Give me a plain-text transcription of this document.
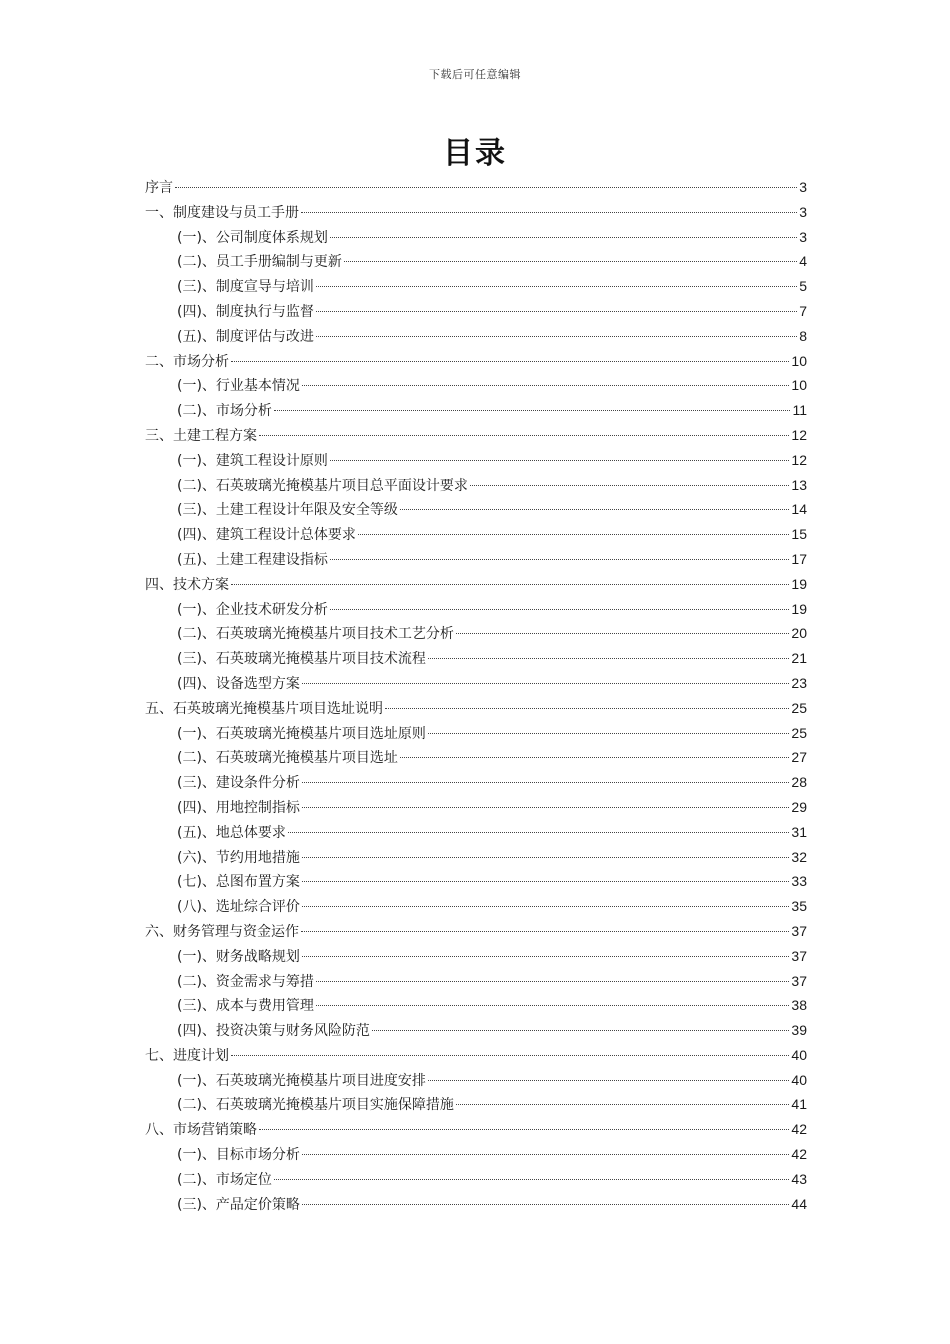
下载后可任意编辑
目录
序言	3
一、制度建设与员工手册	3
(一)、公司制度体系规划	3
(二)、员工手册编制与更新	4
(三)、制度宣导与培训	5
(四)、制度执行与监督	7
(五)、制度评估与改进	8
二、市场分析	10
(一)、行业基本情况	10
(二)、市场分析	11
三、土建工程方案	12
(一)、建筑工程设计原则	12
(二)、石英玻璃光掩模基片项目总平面设计要求	13
(三)、土建工程设计年限及安全等级	14
(四)、建筑工程设计总体要求	15
(五)、土建工程建设指标	17
四、技术方案	19
(一)、企业技术研发分析	19
(二)、石英玻璃光掩模基片项目技术工艺分析	20
(三)、石英玻璃光掩模基片项目技术流程	21
(四)、设备选型方案	23
五、石英玻璃光掩模基片项目选址说明	25
(一)、石英玻璃光掩模基片项目选址原则	25
(二)、石英玻璃光掩模基片项目选址	27
(三)、建设条件分析	28
(四)、用地控制指标	29
(五)、地总体要求	31
(六)、节约用地措施	32
(七)、总图布置方案	33
(八)、选址综合评价	35
六、财务管理与资金运作	37
(一)、财务战略规划	37
(二)、资金需求与筹措	37
(三)、成本与费用管理	38
(四)、投资决策与财务风险防范	39
七、进度计划	40
(一)、石英玻璃光掩模基片项目进度安排	40
(二)、石英玻璃光掩模基片项目实施保障措施	41
八、市场营销策略	42
(一)、目标市场分析	42
(二)、市场定位	43
(三)、产品定价策略	44
